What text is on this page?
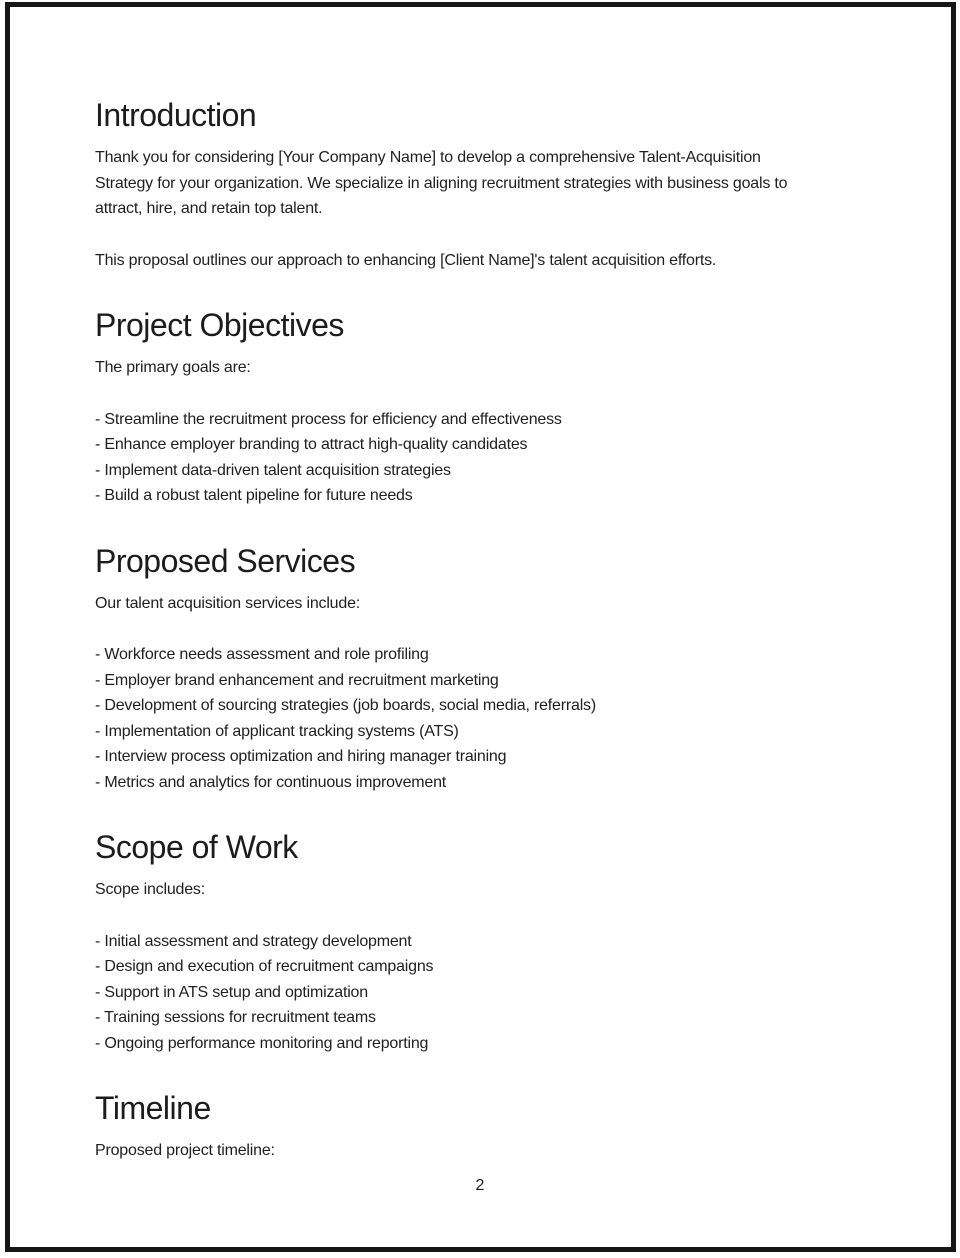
Introduction
Thank you for considering [Your Company Name] to develop a comprehensive Talent-Acquisition
Strategy for your organization. We specialize in aligning recruitment strategies with business goals to
attract, hire, and retain top talent.
This proposal outlines our approach to enhancing [Client Name]'s talent acquisition efforts.
Project Objectives
The primary goals are:
- Streamline the recruitment process for efficiency and effectiveness
- Enhance employer branding to attract high-quality candidates
- Implement data-driven talent acquisition strategies
- Build a robust talent pipeline for future needs
Proposed Services
Our talent acquisition services include:
- Workforce needs assessment and role profiling
- Employer brand enhancement and recruitment marketing
- Development of sourcing strategies (job boards, social media, referrals)
- Implementation of applicant tracking systems (ATS)
- Interview process optimization and hiring manager training
- Metrics and analytics for continuous improvement
Scope of Work
Scope includes:
- Initial assessment and strategy development
- Design and execution of recruitment campaigns
- Support in ATS setup and optimization
- Training sessions for recruitment teams
- Ongoing performance monitoring and reporting
Timeline
Proposed project timeline:
2
